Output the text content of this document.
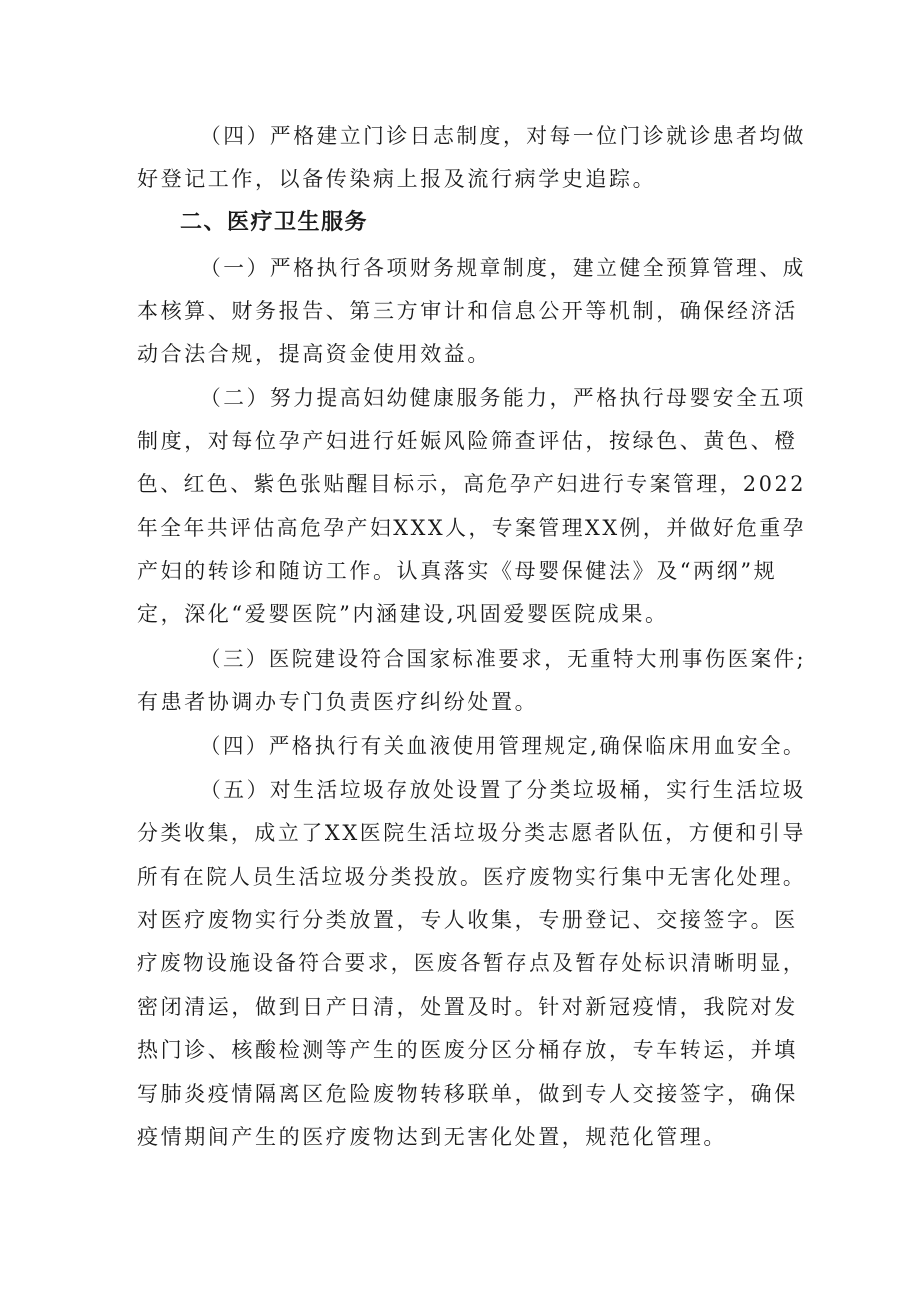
（四）严格建立门诊日志制度，对每一位门诊就诊患者均做
好登记工作，以备传染病上报及流行病学史追踪。
二、医疗卫生服务
（一）严格执行各项财务规章制度，建立健全预算管理、成
本核算、财务报告、第三方审计和信息公开等机制，确保经济活
动合法合规，提高资金使用效益。
（二）努力提高妇幼健康服务能力，严格执行母婴安全五项
制度，对每位孕产妇进行妊娠风险筛查评估，按绿色、黄色、橙
色、红色、紫色张贴醒目标示，高危孕产妇进行专案管理，2022
年全年共评估高危孕产妇XXX人，专案管理XX例，并做好危重孕
产妇的转诊和随访工作。认真落实《母婴保健法》及“两纲”规
定，深化“爱婴医院”内涵建设,巩固爱婴医院成果。
（三）医院建设符合国家标准要求，无重特大刑事伤医案件;
有患者协调办专门负责医疗纠纷处置。
（四）严格执行有关血液使用管理规定,确保临床用血安全。
（五）对生活垃圾存放处设置了分类垃圾桶，实行生活垃圾
分类收集，成立了XX医院生活垃圾分类志愿者队伍，方便和引导
所有在院人员生活垃圾分类投放。医疗废物实行集中无害化处理。
对医疗废物实行分类放置，专人收集，专册登记、交接签字。医
疗废物设施设备符合要求，医废各暂存点及暂存处标识清晰明显，
密闭清运，做到日产日清，处置及时。针对新冠疫情，我院对发
热门诊、核酸检测等产生的医废分区分桶存放，专车转运，并填
写肺炎疫情隔离区危险废物转移联单，做到专人交接签字，确保
疫情期间产生的医疗废物达到无害化处置，规范化管理。
